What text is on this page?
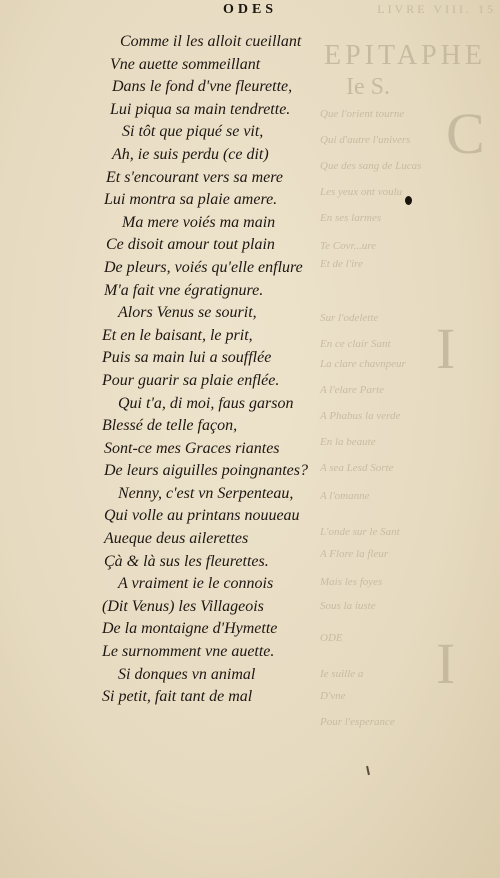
LIVRE VIII. 15
EPITAPHE
Ie S.
C
I
I
Que l'orient tourne
Qui d'autre l'univers
Que des sang de Lucas
Les yeux ont voulu
En ses larmes
Te Covr...ure
Et de l'ire
Sur l'odelette
En ce clair Sant
La clare chavnpeur
A l'elare Parte
A Phabus la verde
En la beaute
A sea Lesd Sorte
A l'omanne
L'onde sur le Sant
A Flore la fleur
Mais les foyes
Sous la iuste
ODE
Ie suille a
D'vne
Pour l'esperance
ODES
Comme il les alloit cueillant
Vne auette sommeillant
Dans le fond d'vne fleurette,
Lui piqua sa main tendrette.
Si tôt que piqué se vit,
Ah, ie suis perdu (ce dit)
Et s'encourant vers sa mere
Lui montra sa plaie amere.
Ma mere voiés ma main
Ce disoit amour tout plain
De pleurs, voiés qu'elle enflure
M'a fait vne égratignure.
Alors Venus se sourit,
Et en le baisant, le prit,
Puis sa main lui a soufflée
Pour guarir sa plaie enflée.
Qui t'a, di moi, faus garson
Blessé de telle façon,
Sont-ce mes Graces riantes
De leurs aiguilles poingnantes?
Nenny, c'est vn Serpenteau,
Qui volle au printans nouueau
Aueque deus ailerettes
Çà & là sus les fleurettes.
A vraiment ie le connois
(Dit Venus) les Villageois
De la montaigne d'Hymette
Le surnomment vne auette.
Si donques vn animal
Si petit, fait tant de mal
